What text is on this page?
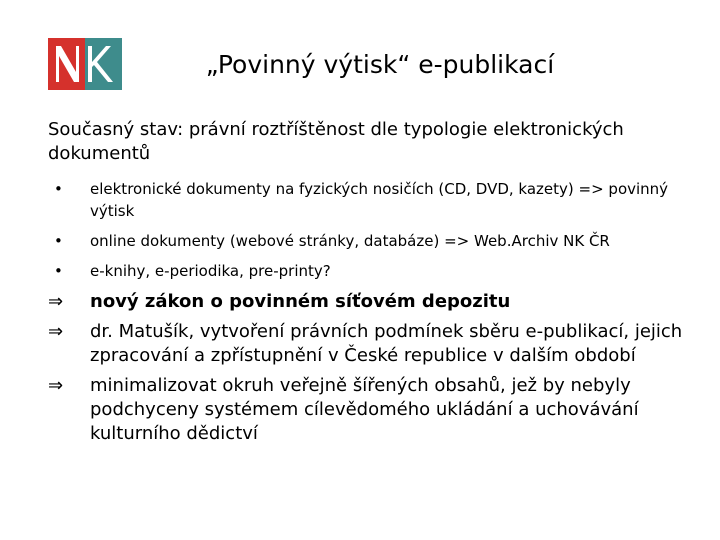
„Povinný výtisk“ e-publikací
Současný stav: právní roztříštěnost dle typologie elektronických dokumentů
• elektronické dokumenty na fyzických nosičích (CD, DVD, kazety) => povinný výtisk
• online dokumenty (webové stránky, databáze) => Web.Archiv NK ČR
• e-knihy, e-periodika, pre-printy?
⇒ nový zákon o povinném síťovém depozitu
⇒ dr. Matušík, vytvoření právních podmínek sběru e-publikací, jejich zpracování a zpřístupnění v České republice v dalším období
⇒ minimalizovat okruh veřejně šířených obsahů, jež by nebyly podchyceny systémem cílevědomého ukládání a uchovávání kulturního dědictví
